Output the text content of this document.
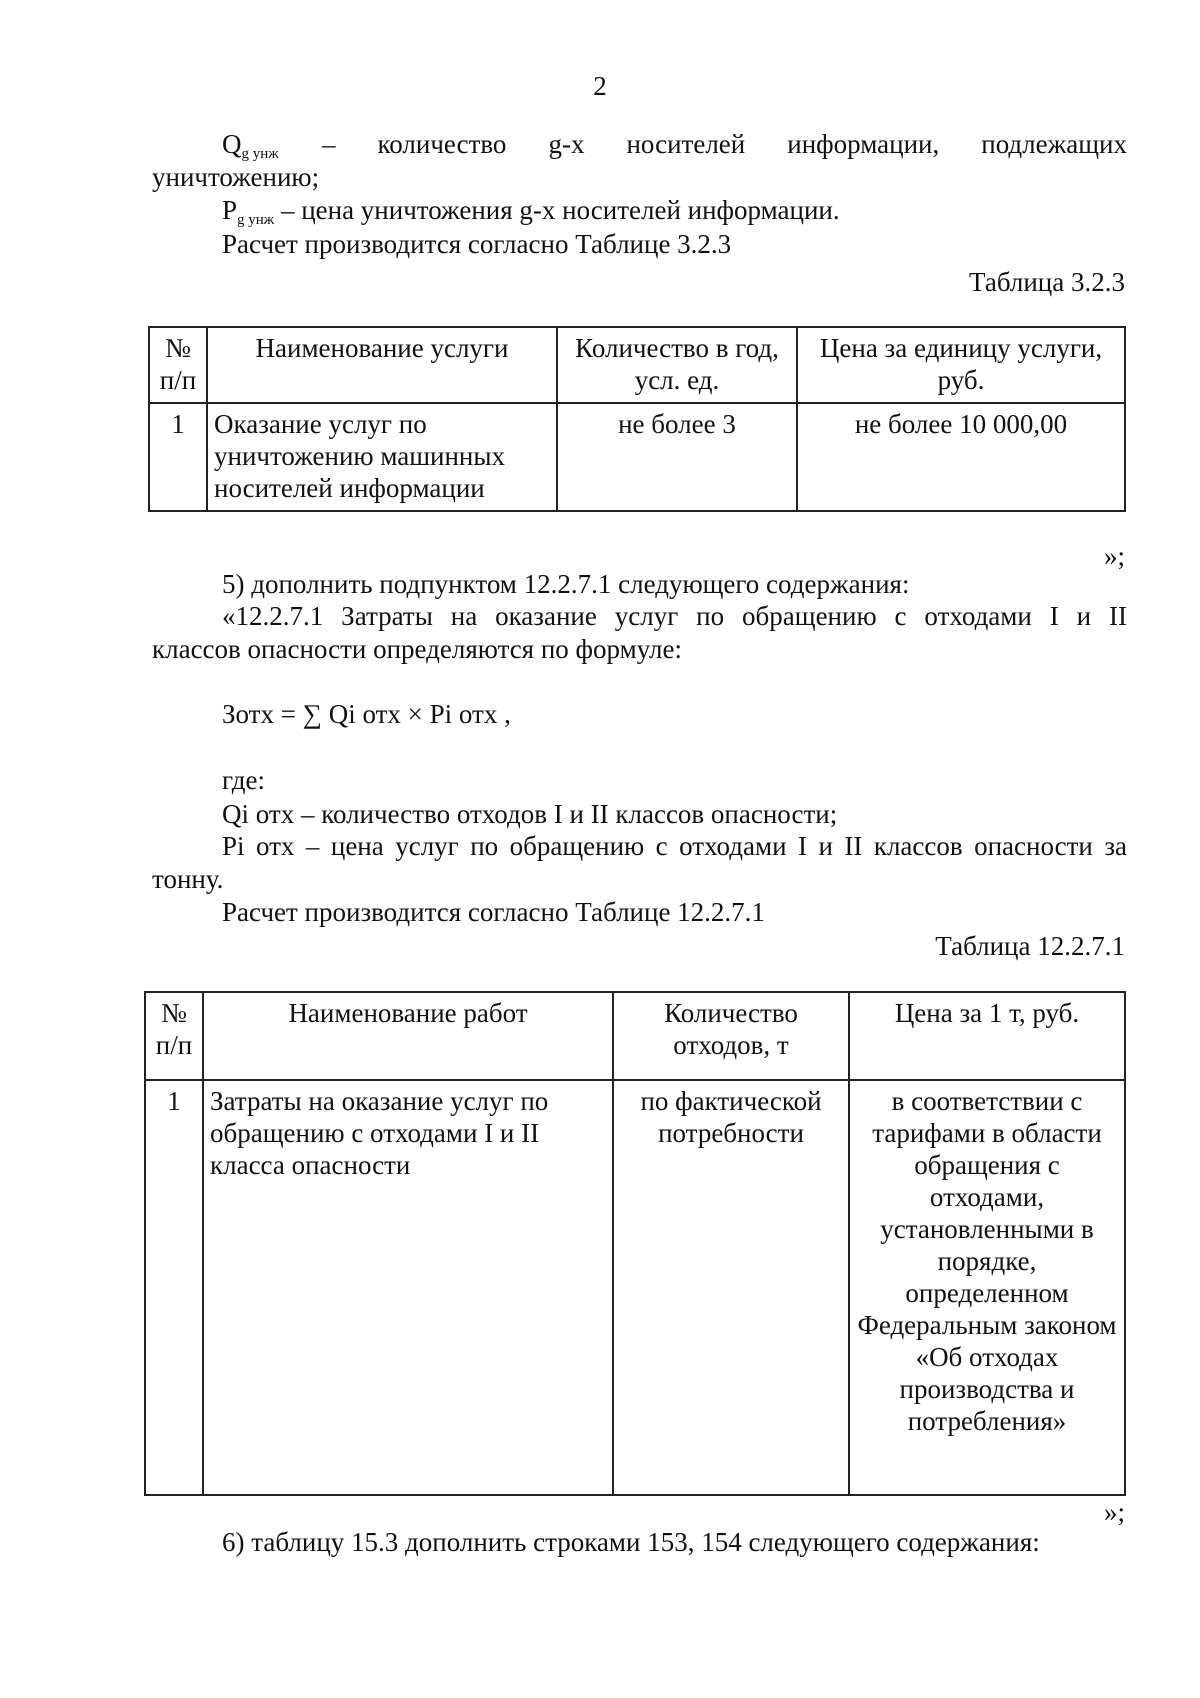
2
$Q_{g унж}$ – количество g-x носителей информации, подлежащих
уничтожению;
$P_{g унж}$ – цена уничтожения g-x носителей информации.
Расчет производится согласно Таблице 3.2.3
Таблица 3.2.3
№ п/п	Наименование услуги	Количество в год, усл. ед.	Цена за единицу услуги, руб.
1	Оказание услуг по уничтожению машинных носителей информации	не более 3	не более 10 000,00
»;
5) дополнить подпунктом 12.2.7.1 следующего содержания:
«12.2.7.1 Затраты на оказание услуг по обращению с отходами I и II
классов опасности определяются по формуле:
Зотх = ∑ Qi отх × Pi отх ,
где:
Qi отх – количество отходов I и II классов опасности;
Pi отх – цена услуг по обращению с отходами I и II классов опасности за
тонну.
Расчет производится согласно Таблице 12.2.7.1
Таблица 12.2.7.1
№ п/п	Наименование работ	Количество отходов, т	Цена за 1 т, руб.
1	Затраты на оказание услуг по обращению с отходами I и II класса опасности	по фактической потребности	в соответствии с тарифами в области обращения с отходами, установленными в порядке, определенном Федеральным законом «Об отходах производства и потребления»
»;
6) таблицу 15.3 дополнить строками 153, 154 следующего содержания:
